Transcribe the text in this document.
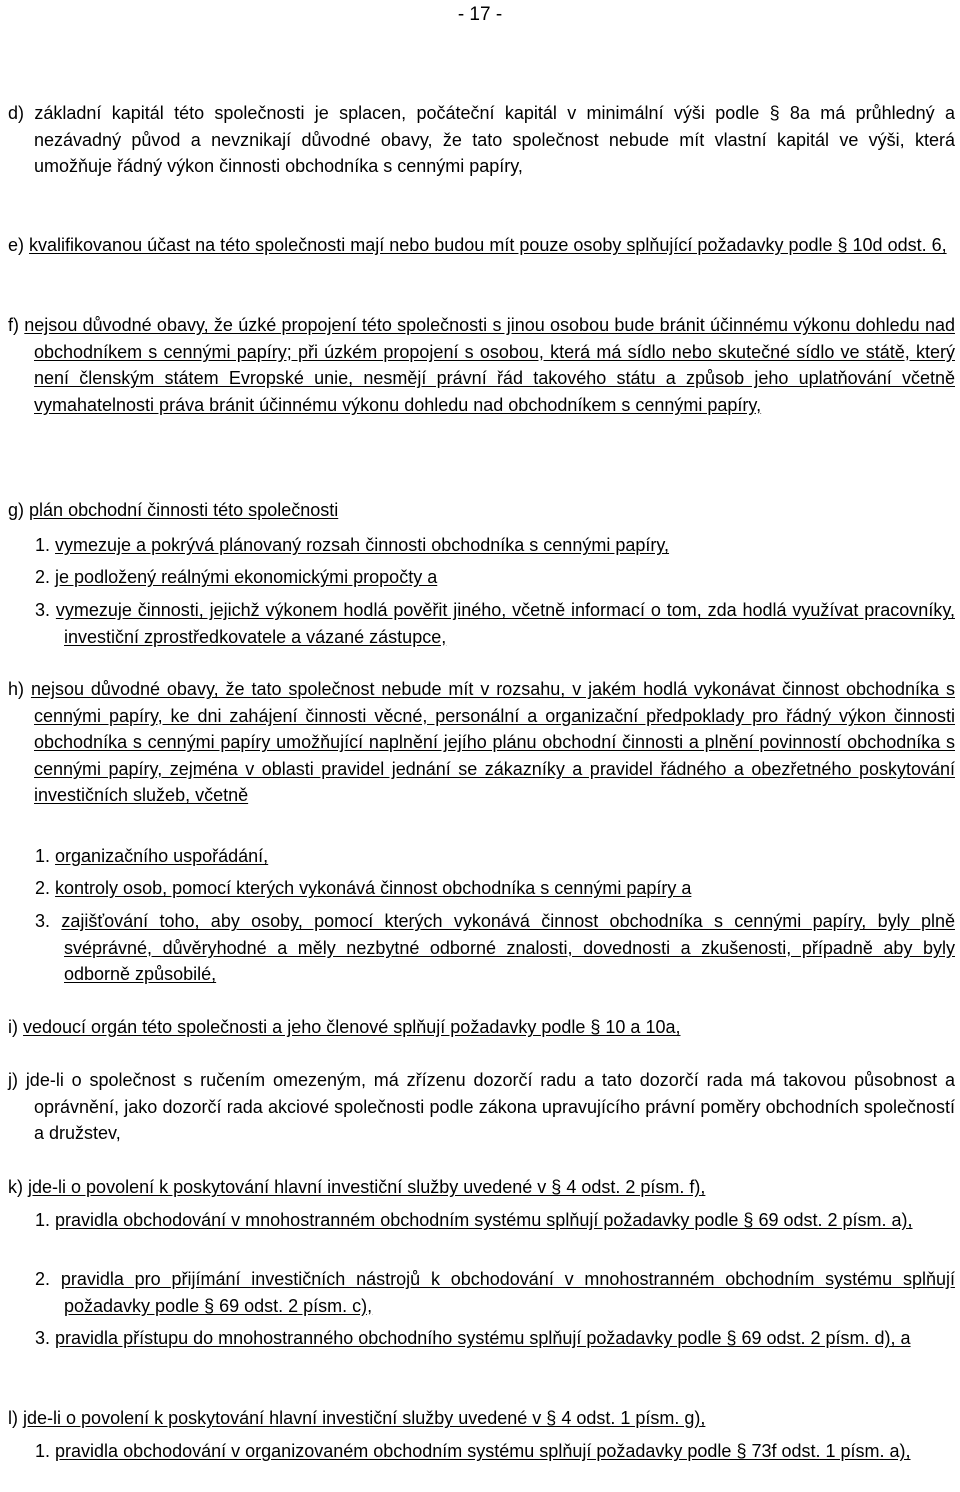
- 17 -
d) základní kapitál této společnosti je splacen, počáteční kapitál v minimální výši podle § 8a má průhledný a nezávadný původ a nevznikají důvodné obavy, že tato společnost nebude mít vlastní kapitál ve výši, která umožňuje řádný výkon činnosti obchodníka s cennými papíry,
e) kvalifikovanou účast na této společnosti mají nebo budou mít pouze osoby splňující požadavky podle § 10d odst. 6,
f) nejsou důvodné obavy, že úzké propojení této společnosti s jinou osobou bude bránit účinnému výkonu dohledu nad obchodníkem s cennými papíry; při úzkém propojení s osobou, která má sídlo nebo skutečné sídlo ve státě, který není členským státem Evropské unie, nesmějí právní řád takového státu a způsob jeho uplatňování včetně vymahatelnosti práva bránit účinnému výkonu dohledu nad obchodníkem s cennými papíry,
g) plán obchodní činnosti této společnosti
1. vymezuje a pokrývá plánovaný rozsah činnosti obchodníka s cennými papíry,
2. je podložený reálnými ekonomickými propočty a
3. vymezuje činnosti, jejichž výkonem hodlá pověřit jiného, včetně informací o tom, zda hodlá využívat pracovníky, investiční zprostředkovatele a vázané zástupce,
h) nejsou důvodné obavy, že tato společnost nebude mít v rozsahu, v jakém hodlá vykonávat činnost obchodníka s cennými papíry, ke dni zahájení činnosti věcné, personální a organizační předpoklady pro řádný výkon činnosti obchodníka s cennými papíry umožňující naplnění jejího plánu obchodní činnosti a plnění povinností obchodníka s cennými papíry, zejména v oblasti pravidel jednání se zákazníky a pravidel řádného a obezřetného poskytování investičních služeb, včetně
1. organizačního uspořádání,
2. kontroly osob, pomocí kterých vykonává činnost obchodníka s cennými papíry a
3. zajišťování toho, aby osoby, pomocí kterých vykonává činnost obchodníka s cennými papíry, byly plně svéprávné, důvěryhodné a měly nezbytné odborné znalosti, dovednosti a zkušenosti, případně aby byly odborně způsobilé,
i) vedoucí orgán této společnosti a jeho členové splňují požadavky podle § 10 a 10a,
j) jde-li o společnost s ručením omezeným, má zřízenu dozorčí radu a tato dozorčí rada má takovou působnost a oprávnění, jako dozorčí rada akciové společnosti podle zákona upravujícího právní poměry obchodních společností a družstev,
k) jde-li o povolení k poskytování hlavní investiční služby uvedené v § 4 odst. 2 písm. f),
1. pravidla obchodování v mnohostranném obchodním systému splňují požadavky podle § 69 odst. 2 písm. a),
2. pravidla pro přijímání investičních nástrojů k obchodování v mnohostranném obchodním systému splňují požadavky podle § 69 odst. 2 písm. c),
3. pravidla přístupu do mnohostranného obchodního systému splňují požadavky podle § 69 odst. 2 písm. d), a
l) jde-li o povolení k poskytování hlavní investiční služby uvedené v § 4 odst. 1 písm. g),
1. pravidla obchodování v organizovaném obchodním systému splňují požadavky podle § 73f odst. 1 písm. a),
